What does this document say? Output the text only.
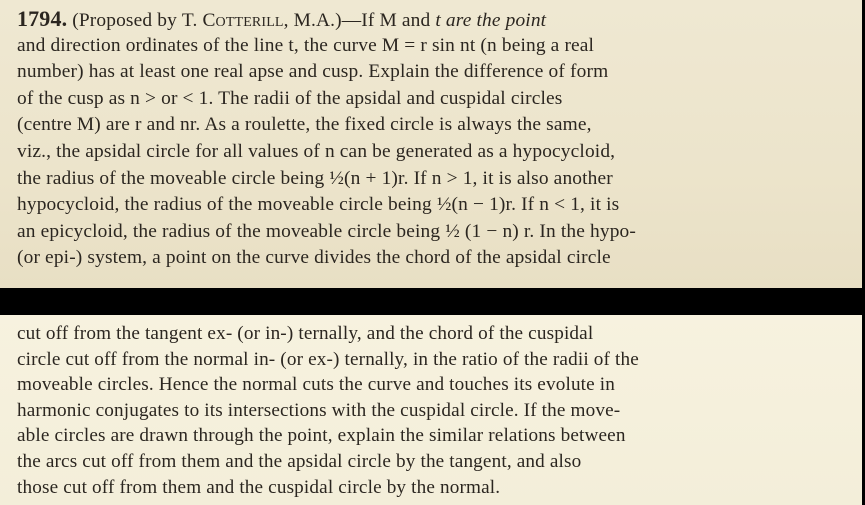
1794. (Proposed by T. Cotterill, M.A.)—If M and t are the point
and direction ordinates of the line t, the curve M = r sin nt (n being a real
number) has at least one real apse and cusp. Explain the difference of form
of the cusp as n > or < 1. The radii of the apsidal and cuspidal circles
(centre M) are r and nr. As a roulette, the fixed circle is always the same,
viz., the apsidal circle for all values of n can be generated as a hypocycloid,
the radius of the moveable circle being ½(n + 1)r. If n > 1, it is also another
hypocycloid, the radius of the moveable circle being ½(n − 1)r. If n < 1, it is
an epicycloid, the radius of the moveable circle being ½ (1 − n) r. In the hypo-
(or epi-) system, a point on the curve divides the chord of the apsidal circle
cut off from the tangent ex- (or in-) ternally, and the chord of the cuspidal
circle cut off from the normal in- (or ex-) ternally, in the ratio of the radii of the
moveable circles. Hence the normal cuts the curve and touches its evolute in
harmonic conjugates to its intersections with the cuspidal circle. If the move-
able circles are drawn through the point, explain the similar relations between
the arcs cut off from them and the apsidal circle by the tangent, and also
those cut off from them and the cuspidal circle by the normal.
